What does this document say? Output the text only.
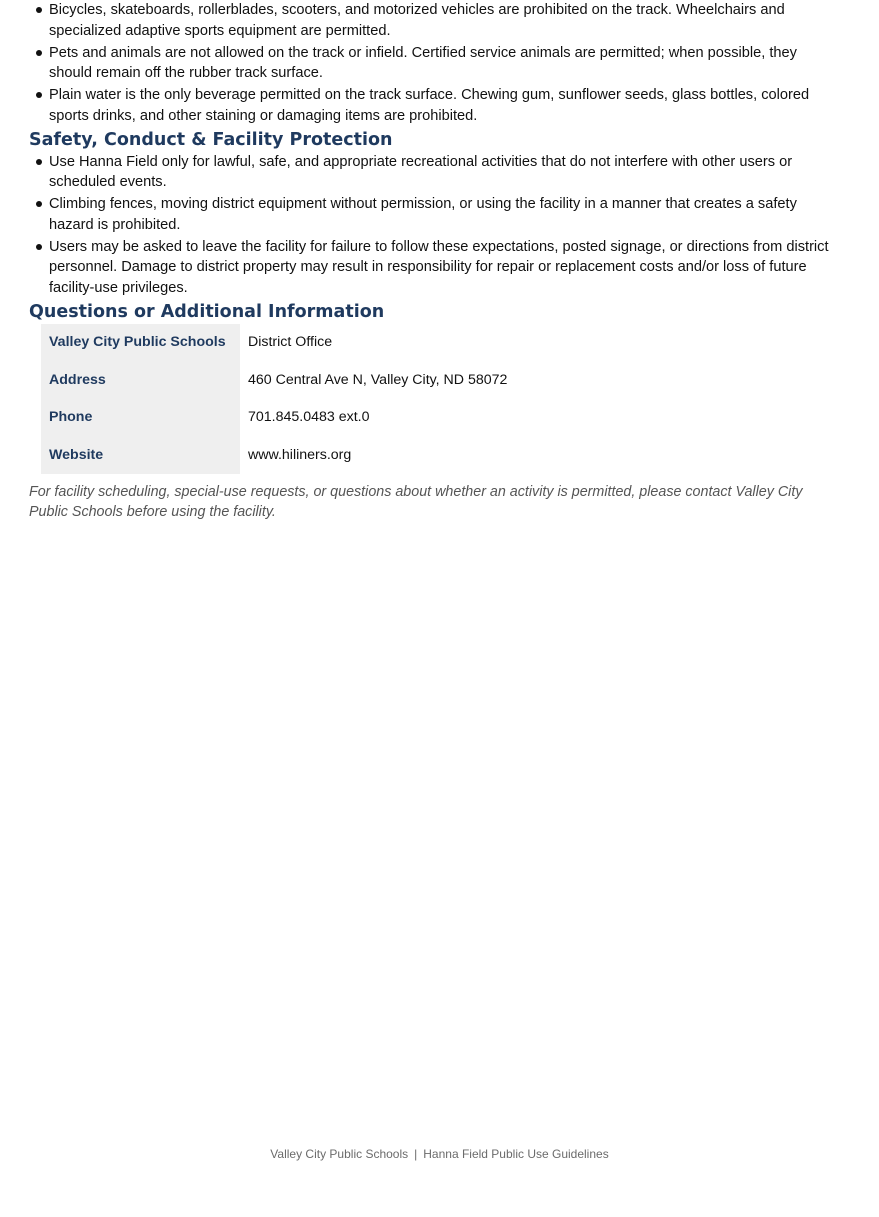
Bicycles, skateboards, rollerblades, scooters, and motorized vehicles are prohibited on the track. Wheelchairs and specialized adaptive sports equipment are permitted.
Pets and animals are not allowed on the track or infield. Certified service animals are permitted; when possible, they should remain off the rubber track surface.
Plain water is the only beverage permitted on the track surface. Chewing gum, sunflower seeds, glass bottles, colored sports drinks, and other staining or damaging items are prohibited.
Safety, Conduct & Facility Protection
Use Hanna Field only for lawful, safe, and appropriate recreational activities that do not interfere with other users or scheduled events.
Climbing fences, moving district equipment without permission, or using the facility in a manner that creates a safety hazard is prohibited.
Users may be asked to leave the facility for failure to follow these expectations, posted signage, or directions from district personnel. Damage to district property may result in responsibility for repair or replacement costs and/or loss of future facility-use privileges.
Questions or Additional Information
Valley City Public Schools	District Office
Address	460 Central Ave N, Valley City, ND 58072
Phone	701.845.0483 ext.0
Website	www.hiliners.org

For facility scheduling, special-use requests, or questions about whether an activity is permitted, please contact Valley City Public Schools before using the facility.

Valley City Public Schools | Hanna Field Public Use Guidelines
